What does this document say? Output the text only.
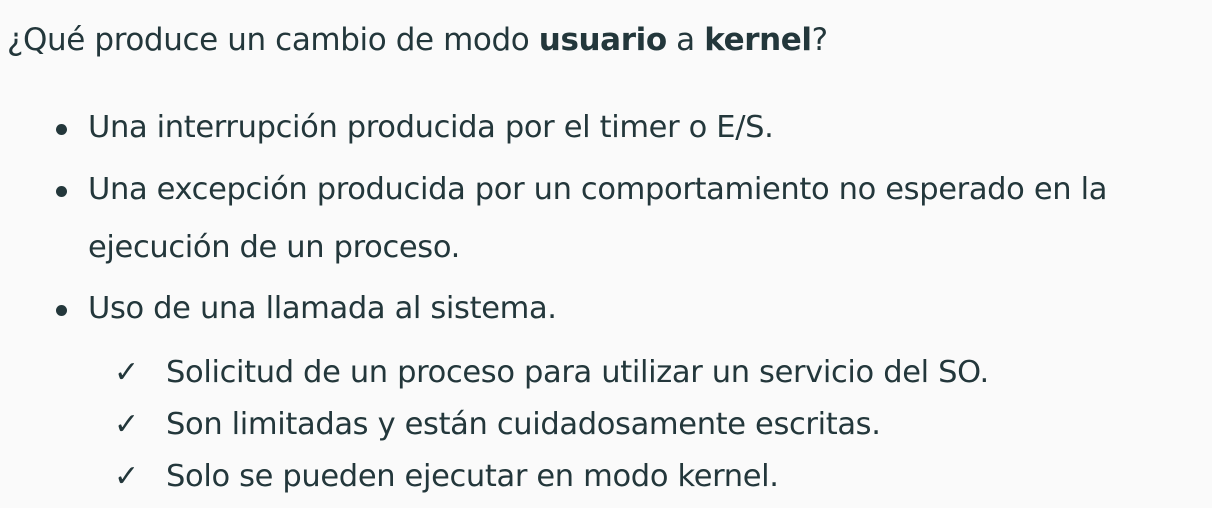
¿Qué produce un cambio de modo usuario a kernel?
Una interrupción producida por el timer o E/S.
Una excepción producida por un comportamiento no esperado en la ejecución de un proceso.
Uso de una llamada al sistema.
✓ Solicitud de un proceso para utilizar un servicio del SO.
✓ Son limitadas y están cuidadosamente escritas.
✓ Solo se pueden ejecutar en modo kernel.
